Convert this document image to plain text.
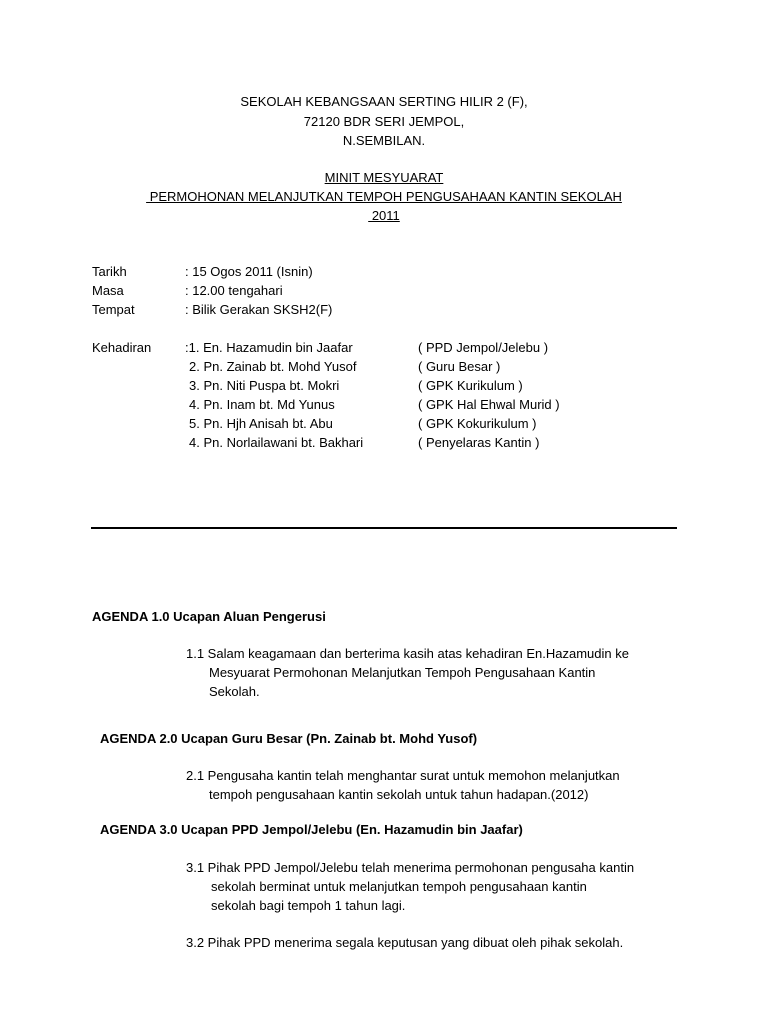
SEKOLAH KEBANGSAAN SERTING HILIR 2 (F),
72120 BDR SERI JEMPOL,
N.SEMBILAN.
MINIT MESYUARAT
PERMOHONAN MELANJUTKAN TEMPOH PENGUSAHAAN KANTIN SEKOLAH
2011
Tarikh	: 15 Ogos 2011 (Isnin)
Masa	: 12.00 tengahari
Tempat	: Bilik Gerakan SKSH2(F)
Kehadiran	:1. En. Hazamudin bin Jaafar	( PPD Jempol/Jelebu )
2. Pn. Zainab bt. Mohd Yusof	( Guru Besar )
3. Pn. Niti Puspa bt. Mokri	( GPK Kurikulum )
4. Pn. Inam bt. Md Yunus	( GPK Hal Ehwal Murid )
5. Pn. Hjh Anisah bt. Abu	( GPK Kokurikulum )
4. Pn. Norlailawani bt. Bakhari	( Penyelaras Kantin )
AGENDA 1.0 Ucapan Aluan Pengerusi
1.1 Salam keagamaan dan berterima kasih atas kehadiran En.Hazamudin ke
Mesyuarat Permohonan Melanjutkan Tempoh Pengusahaan Kantin
Sekolah.
AGENDA 2.0 Ucapan Guru Besar (Pn. Zainab bt. Mohd Yusof)
2.1 Pengusaha kantin telah menghantar surat untuk memohon melanjutkan
tempoh pengusahaan kantin sekolah untuk tahun hadapan.(2012)
AGENDA 3.0 Ucapan PPD Jempol/Jelebu (En. Hazamudin bin Jaafar)
3.1 Pihak PPD Jempol/Jelebu telah menerima permohonan pengusaha kantin
sekolah berminat untuk melanjutkan tempoh pengusahaan kantin
sekolah bagi tempoh 1 tahun lagi.
3.2 Pihak PPD menerima segala keputusan yang dibuat oleh pihak sekolah.
